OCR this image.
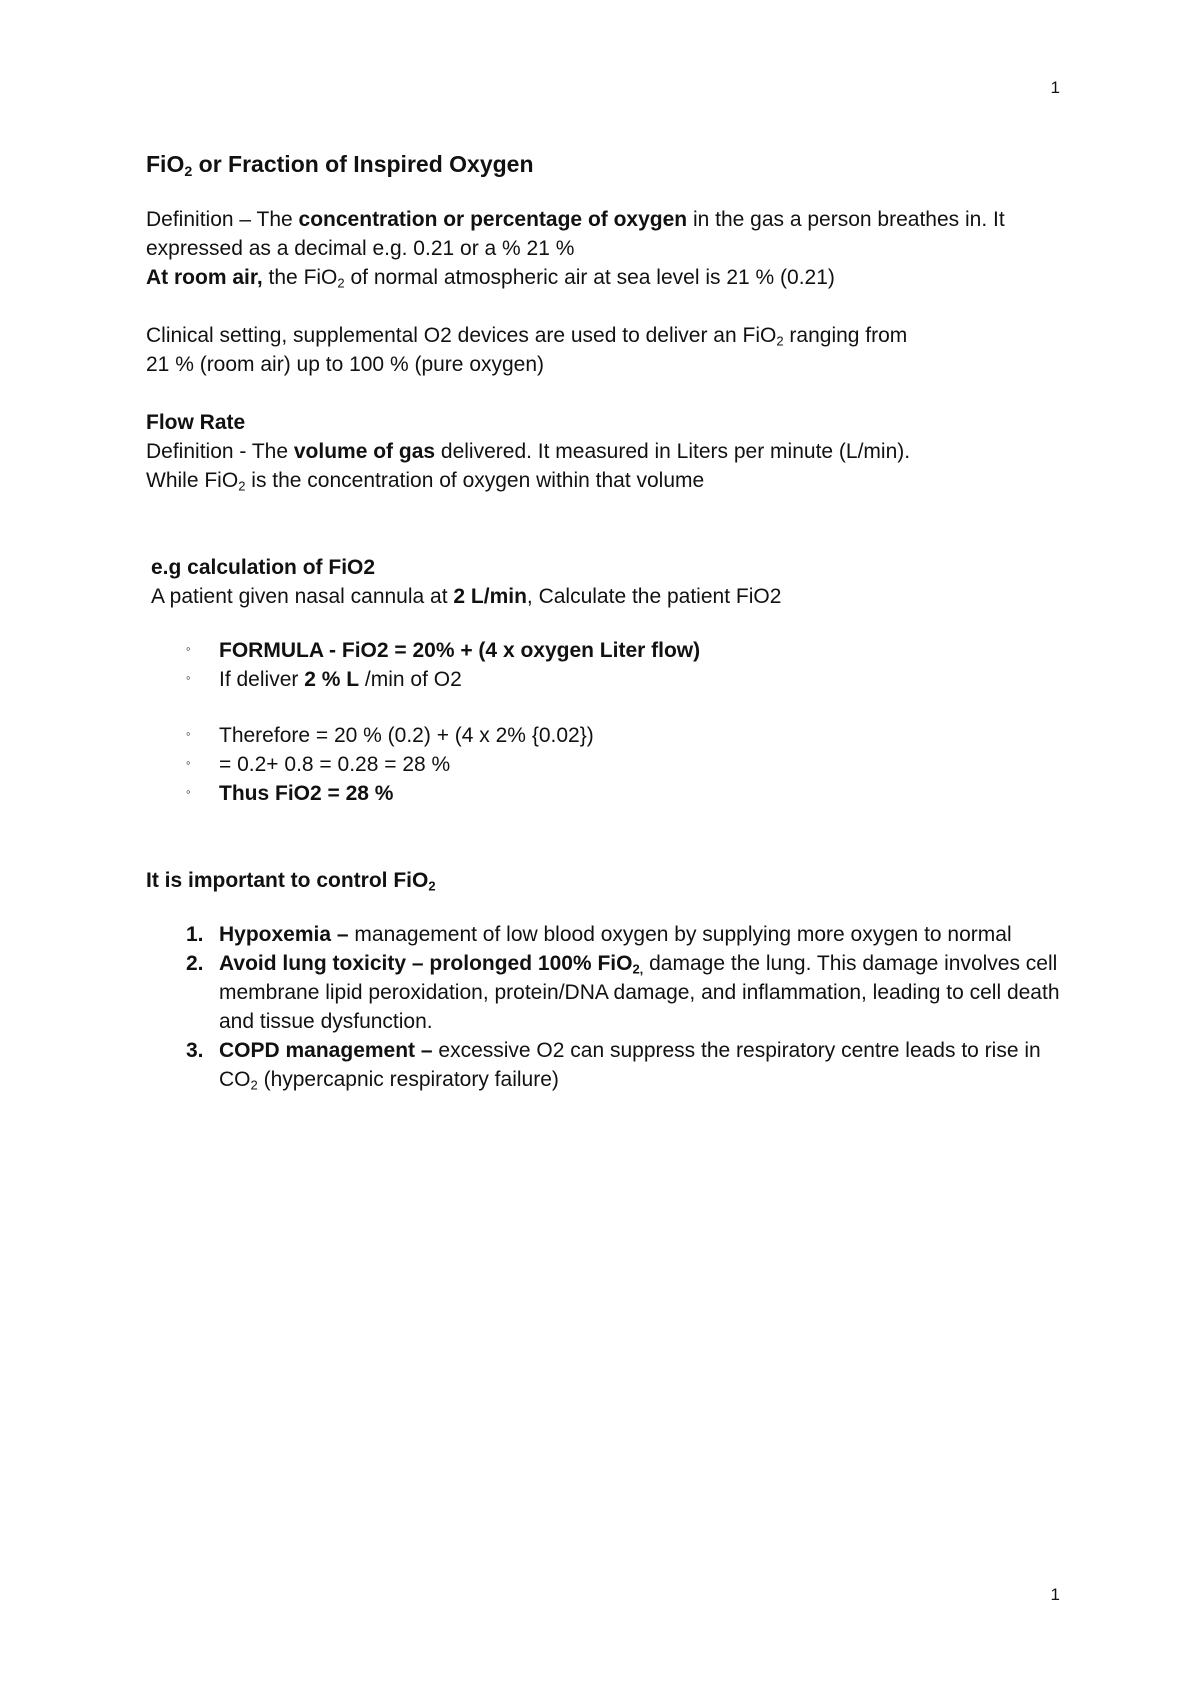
1
FiO$_2$ or Fraction of Inspired Oxygen
Definition – The concentration or percentage of oxygen in the gas a person breathes in. It
expressed as a decimal e.g. 0.21 or a % 21 %
At room air, the FiO$_2$ of normal atmospheric air at sea level is 21 % (0.21)
Clinical setting, supplemental O2 devices are used to deliver an FiO$_2$ ranging from
21 % (room air) up to 100 % (pure oxygen)
Flow Rate
Definition - The volume of gas delivered. It measured in Liters per minute (L/min).
While FiO$_2$ is the concentration of oxygen within that volume
e.g calculation of FiO2
A patient given nasal cannula at 2 L/min, Calculate the patient FiO2
◦ FORMULA - FiO2 = 20% + (4 x oxygen Liter flow)
◦ If deliver 2 % L /min of O2
◦ Therefore = 20 % (0.2) + (4 x 2% {0.02})
◦ = 0.2+ 0.8 = 0.28 = 28 %
◦ Thus FiO2 = 28 %
It is important to control FiO$_2$
1. Hypoxemia – management of low blood oxygen by supplying more oxygen to normal
2. Avoid lung toxicity – prolonged 100% FiO$_{2,}$ damage the lung. This damage involves cell membrane lipid peroxidation, protein/DNA damage, and inflammation, leading to cell death and tissue dysfunction.
3. COPD management – excessive O2 can suppress the respiratory centre leads to rise in $CO_2$ (hypercapnic respiratory failure)
1
